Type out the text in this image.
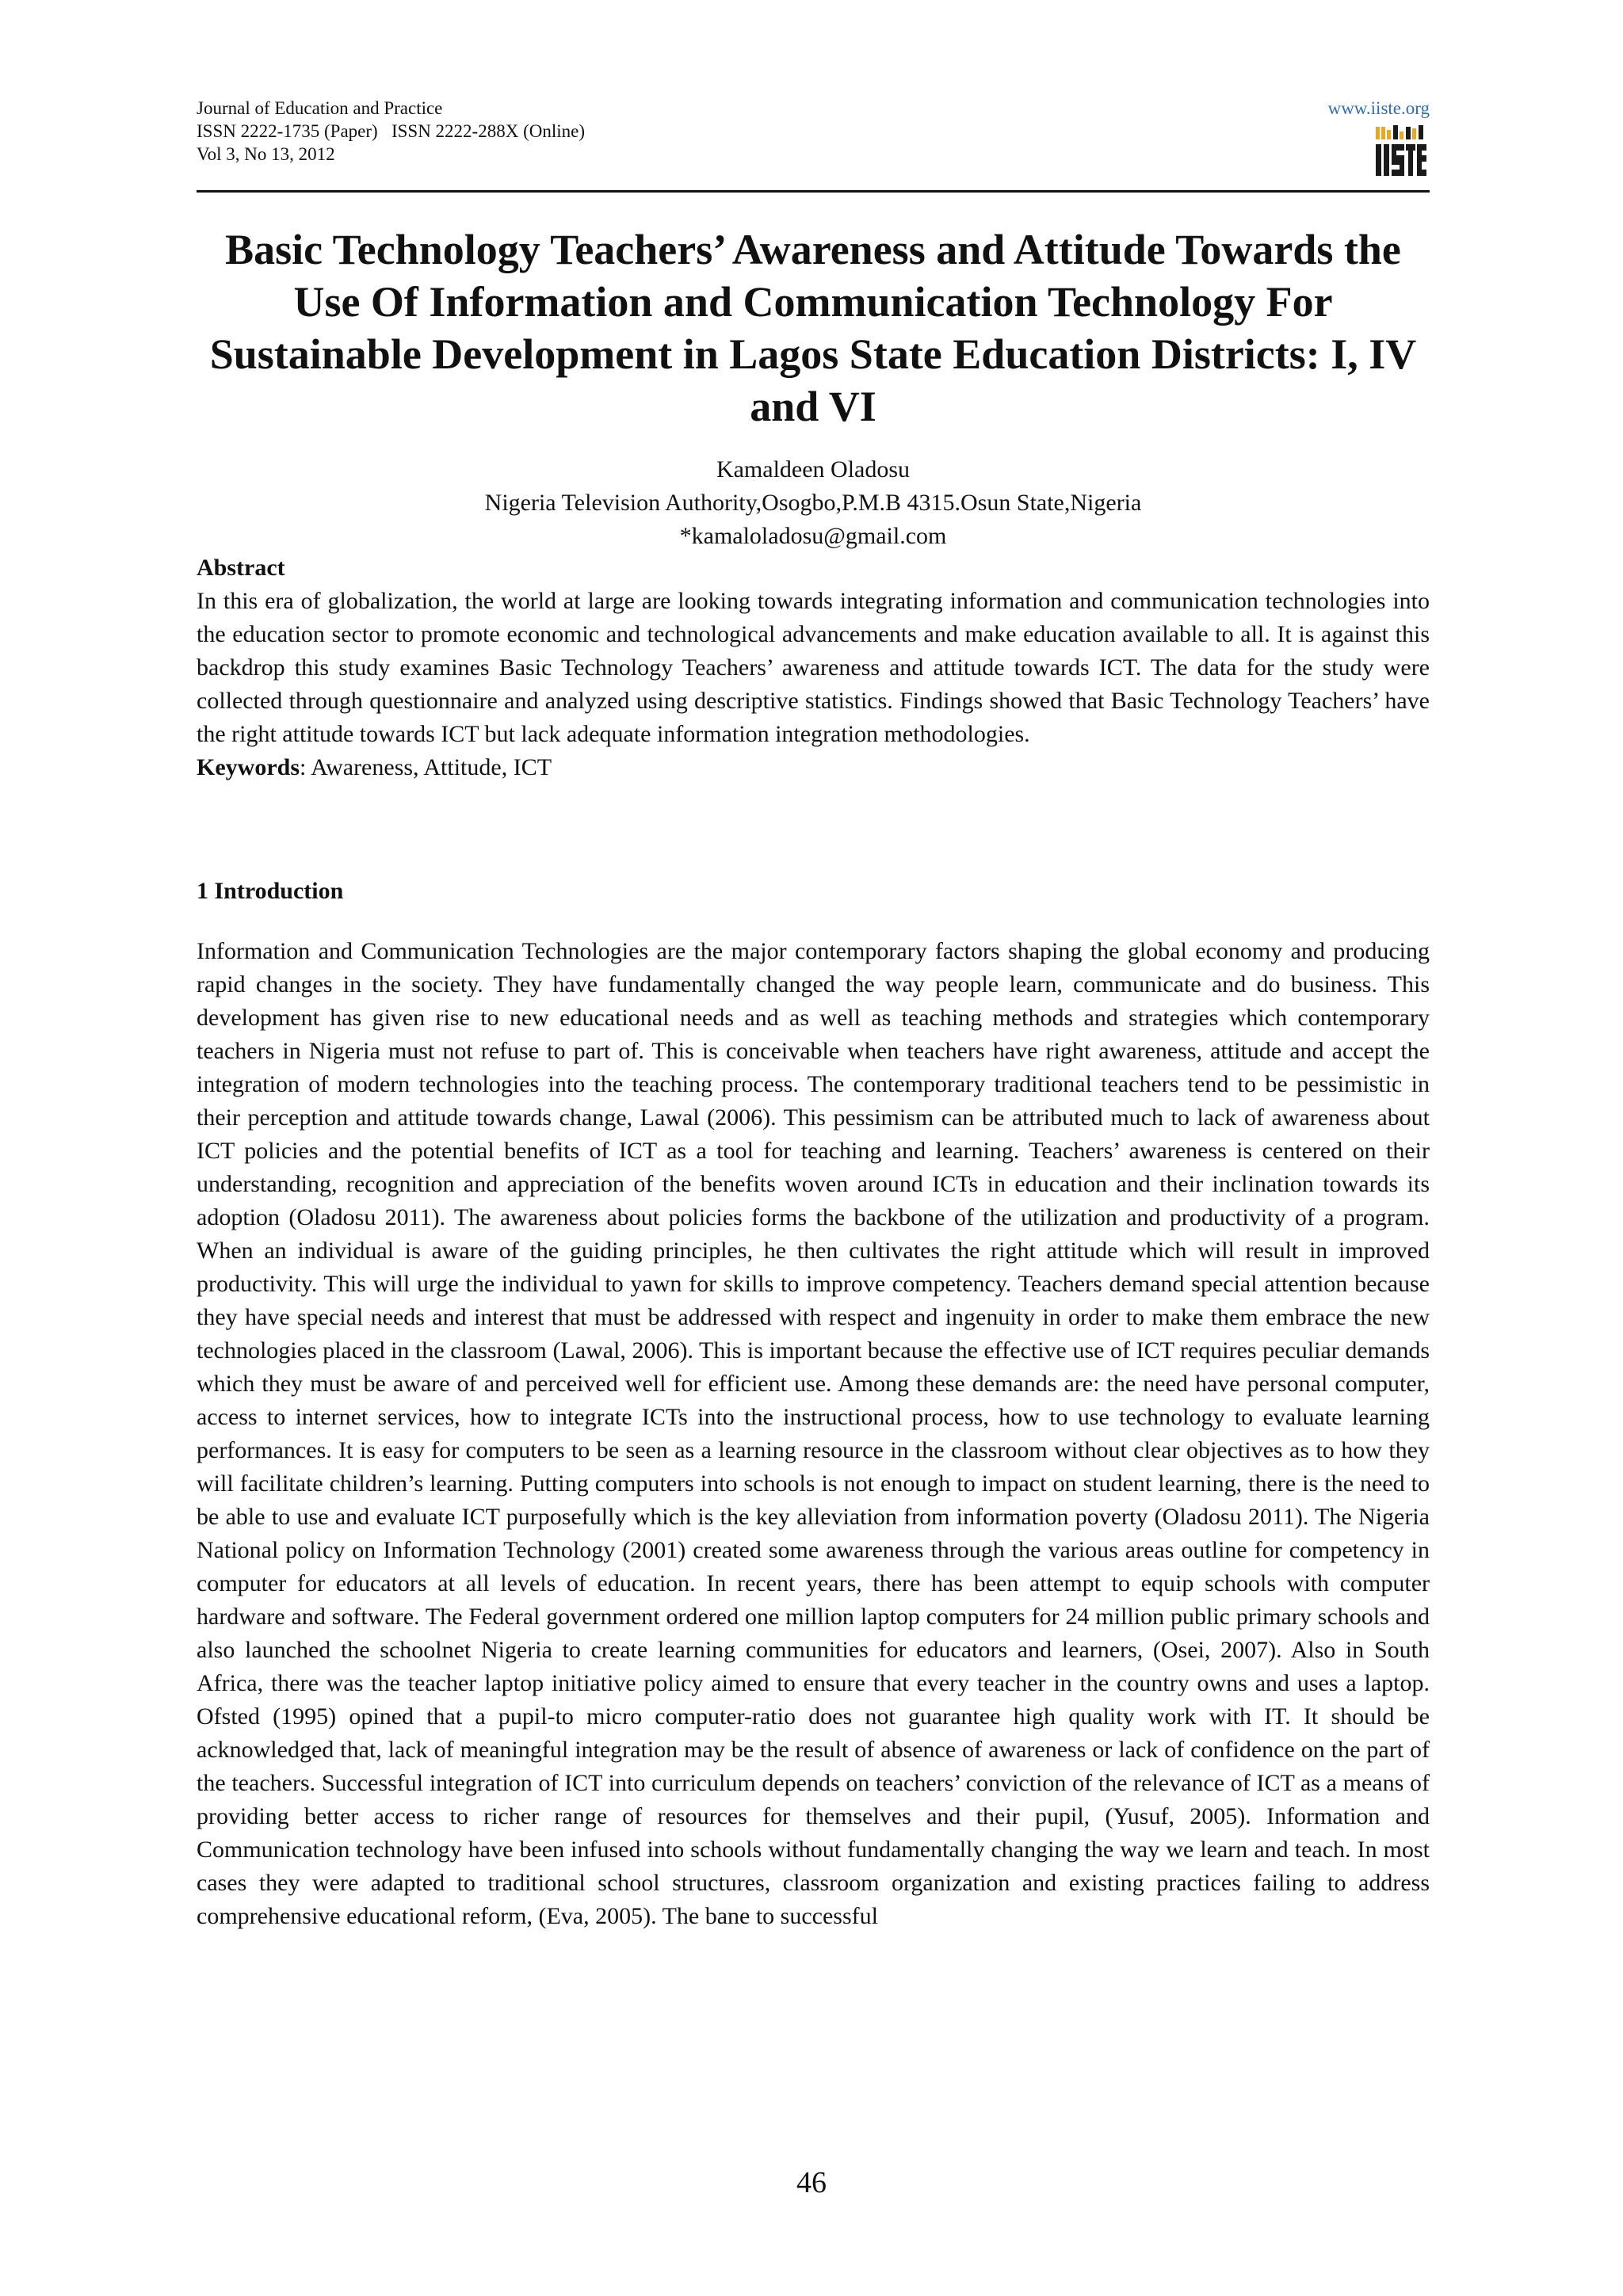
Journal of Education and Practice
ISSN 2222-1735 (Paper)   ISSN 2222-288X (Online)
Vol 3, No 13, 2012
www.iiste.org
Basic Technology Teachers’ Awareness and Attitude Towards the Use Of Information and Communication Technology For Sustainable Development in Lagos State Education Districts: I, IV and VI
Kamaldeen Oladosu
Nigeria Television Authority,Osogbo,P.M.B 4315.Osun State,Nigeria
*kamaloladosu@gmail.com
Abstract

In this era of globalization, the world at large are looking towards integrating information and communication technologies into the education sector to promote economic and technological advancements and make education available to all. It is against this backdrop this study examines Basic Technology Teachers’ awareness and attitude towards ICT. The data for the study were collected through questionnaire and analyzed using descriptive statistics. Findings showed that Basic Technology Teachers’ have the right attitude towards ICT but lack adequate information integration methodologies.

Keywords: Awareness, Attitude, ICT
1 Introduction

Information and Communication Technologies are the major contemporary factors shaping the global economy and producing rapid changes in the society. They have fundamentally changed the way people learn, communicate and do business. This development has given rise to new educational needs and as well as teaching methods and strategies which contemporary teachers in Nigeria must not refuse to part of. This is conceivable when teachers have right awareness, attitude and accept the integration of modern technologies into the teaching process. The contemporary traditional teachers tend to be pessimistic in their perception and attitude towards change, Lawal (2006). This pessimism can be attributed much to lack of awareness about ICT policies and the potential benefits of ICT as a tool for teaching and learning. Teachers’ awareness is centered on their understanding, recognition and appreciation of the benefits woven around ICTs in education and their inclination towards its adoption (Oladosu 2011). The awareness about policies forms the backbone of the utilization and productivity of a program. When an individual is aware of the guiding principles, he then cultivates the right attitude which will result in improved productivity. This will urge the individual to yawn for skills to improve competency. Teachers demand special attention because they have special needs and interest that must be addressed with respect and ingenuity in order to make them embrace the new technologies placed in the classroom (Lawal, 2006). This is important because the effective use of ICT requires peculiar demands which they must be aware of and perceived well for efficient use. Among these demands are: the need have personal computer, access to internet services, how to integrate ICTs into the instructional process, how to use technology to evaluate learning performances. It is easy for computers to be seen as a learning resource in the classroom without clear objectives as to how they will facilitate children’s learning. Putting computers into schools is not enough to impact on student learning, there is the need to be able to use and evaluate ICT purposefully which is the key alleviation from information poverty (Oladosu 2011). The Nigeria National policy on Information Technology (2001) created some awareness through the various areas outline for competency in computer for educators at all levels of education. In recent years, there has been attempt to equip schools with computer hardware and software. The Federal government ordered one million laptop computers for 24 million public primary schools and also launched the schoolnet Nigeria to create learning communities for educators and learners, (Osei, 2007). Also in South Africa, there was the teacher laptop initiative policy aimed to ensure that every teacher in the country owns and uses a laptop. Ofsted (1995) opined that a pupil-to micro computer-ratio does not guarantee high quality work with IT. It should be acknowledged that, lack of meaningful integration may be the result of absence of awareness or lack of confidence on the part of the teachers. Successful integration of ICT into curriculum depends on teachers’ conviction of the relevance of ICT as a means of providing better access to richer range of resources for themselves and their pupil, (Yusuf, 2005). Information and Communication technology have been infused into schools without fundamentally changing the way we learn and teach. In most cases they were adapted to traditional school structures, classroom organization and existing practices failing to address comprehensive educational reform, (Eva, 2005). The bane to successful

46
